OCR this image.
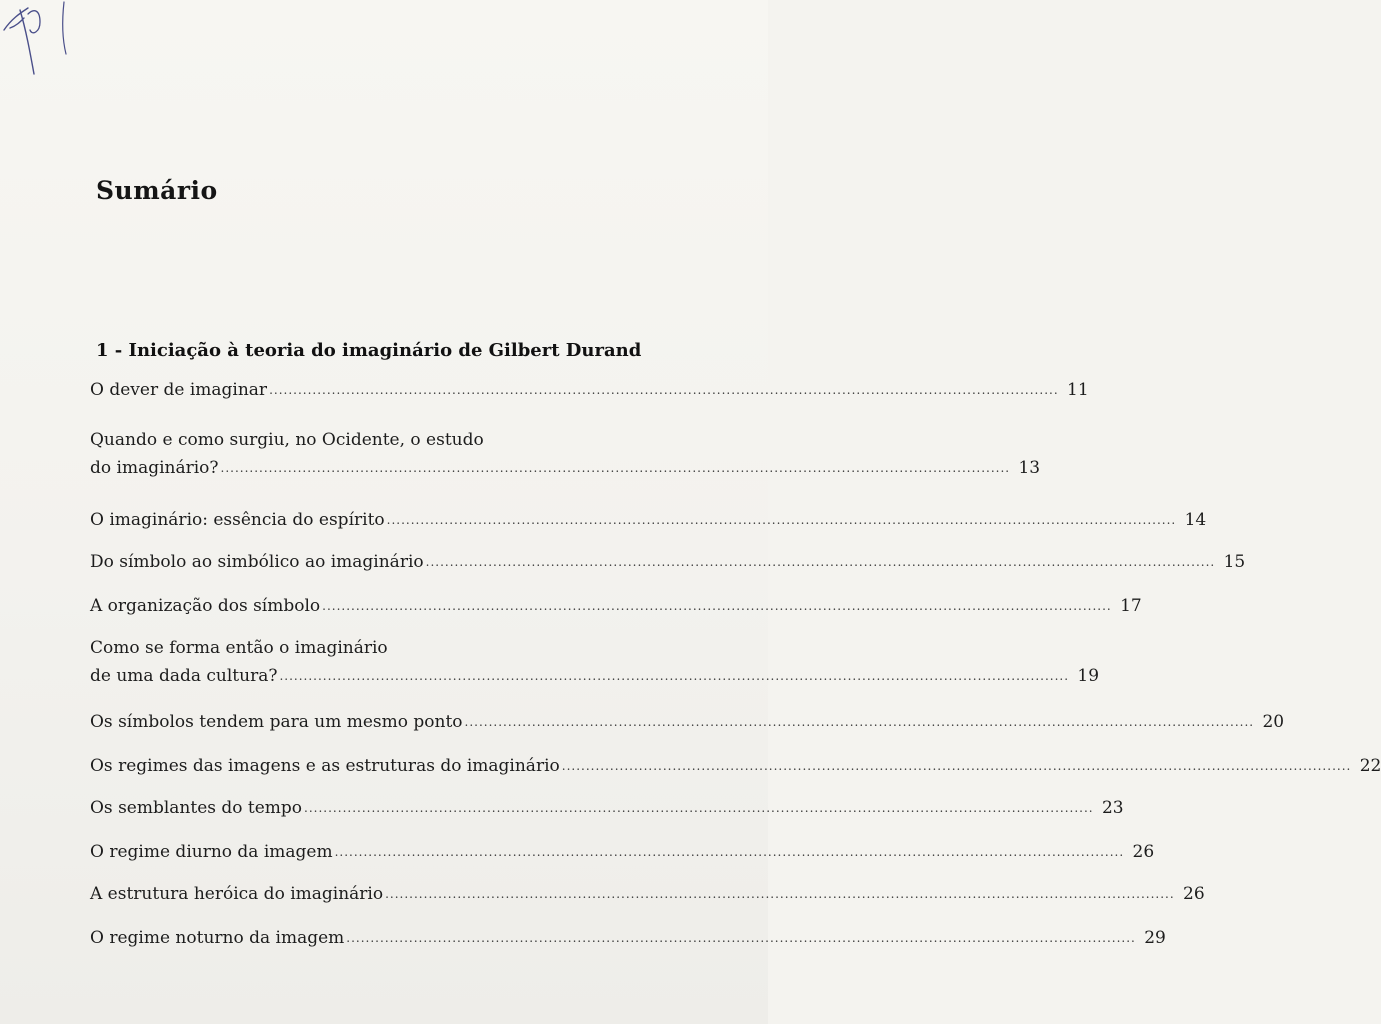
Sumário
1 - Iniciação à teoria do imaginário de Gilbert Durand
O dever de imaginar .................................................................................................................................................................... 11
Quando e como surgiu, no Ocidente, o estudo
do imaginário? .................................................................................................................................................................... 13
O imaginário: essência do espírito .................................................................................................................................................................... 14
Do símbolo ao simbólico ao imaginário .................................................................................................................................................................... 15
A organização dos símbolo .................................................................................................................................................................... 17
Como se forma então o imaginário
de uma dada cultura? .................................................................................................................................................................... 19
Os símbolos tendem para um mesmo ponto .................................................................................................................................................................... 20
Os regimes das imagens e as estruturas do imaginário .................................................................................................................................................................... 22
Os semblantes do tempo .................................................................................................................................................................... 23
O regime diurno da imagem .................................................................................................................................................................... 26
A estrutura heróica do imaginário .................................................................................................................................................................... 26
O regime noturno da imagem .................................................................................................................................................................... 29
